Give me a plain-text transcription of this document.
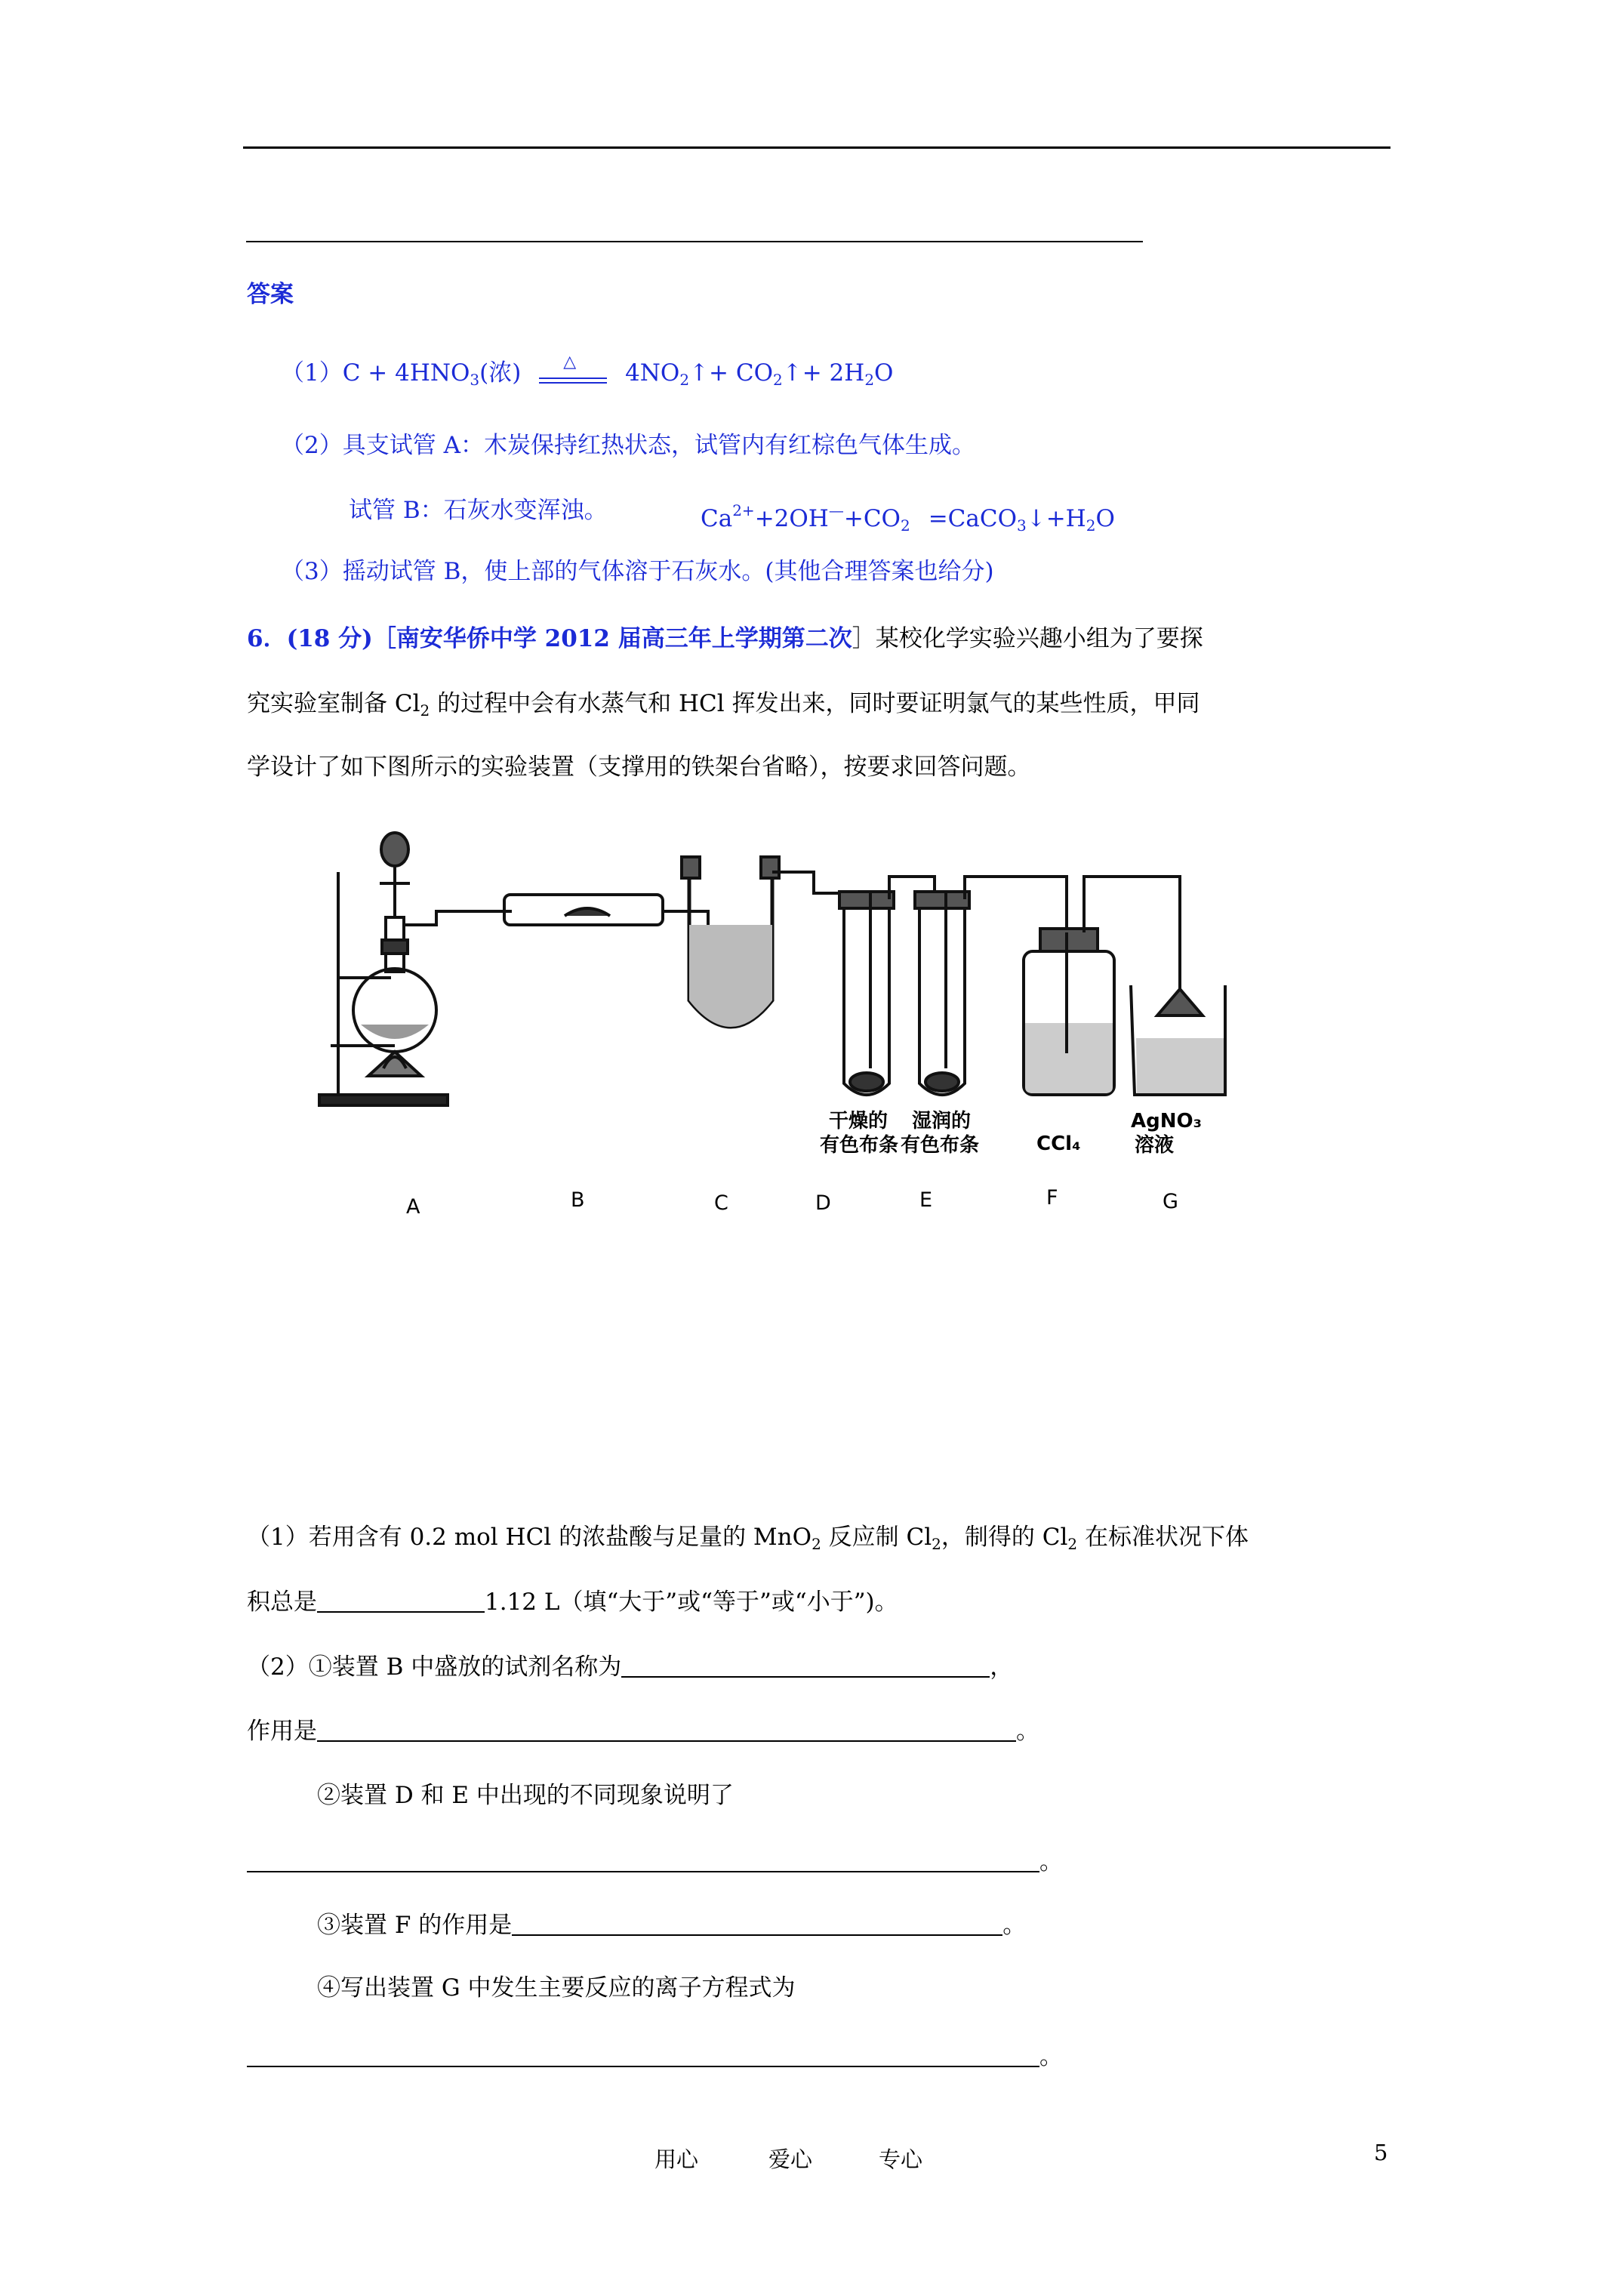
答案
$(1)C + 4HNO_3$(浓)	△ $4NO_2↑+$ $CO_2↑+ 2H_2O$
（2）具支试管 A：木炭保持红热状态，试管内有红棕色气体生成。
试管 B：石灰水变浑浊。	$Ca^{2+}+2OH^—+CO_2$ $=CaCO_3↓+H_2O$
（3）摇动试管 B，使上部的气体溶于石灰水。(其他合理答案也给分)
6．(18 分)［南安华侨中学 2012 届高三年上学期第二次］某校化学实验兴趣小组为了要探
究实验室制备 $Cl_2$ 的过程中会有水蒸气和 HCl 挥发出来，同时要证明氯气的某些性质，甲同
学设计了如下图所示的实验装置（支撑用的铁架台省略），按要求回答问题。
干燥的
有色布条
湿润的
有色布条	CCl₄
AgNO₃
溶液
A	B	C	D	E	F	G
（1）若用含有 0.2 mol HCl 的浓盐酸与足量的 MnO$_2$ 反应制 $Cl_2$，制得的 $Cl_2$ 在标准状况下体
积总是	1.12 L（填“大于”或“等于”或“小于”)。
（2）①装置 B 中盛放的试剂名称为	，
作用是	。
②装置 D 和 E 中出现的不同现象说明了
。
③装置 F 的作用是	。
④写出装置 G 中发生主要反应的离子方程式为
。
用心	爱心	专心	5
